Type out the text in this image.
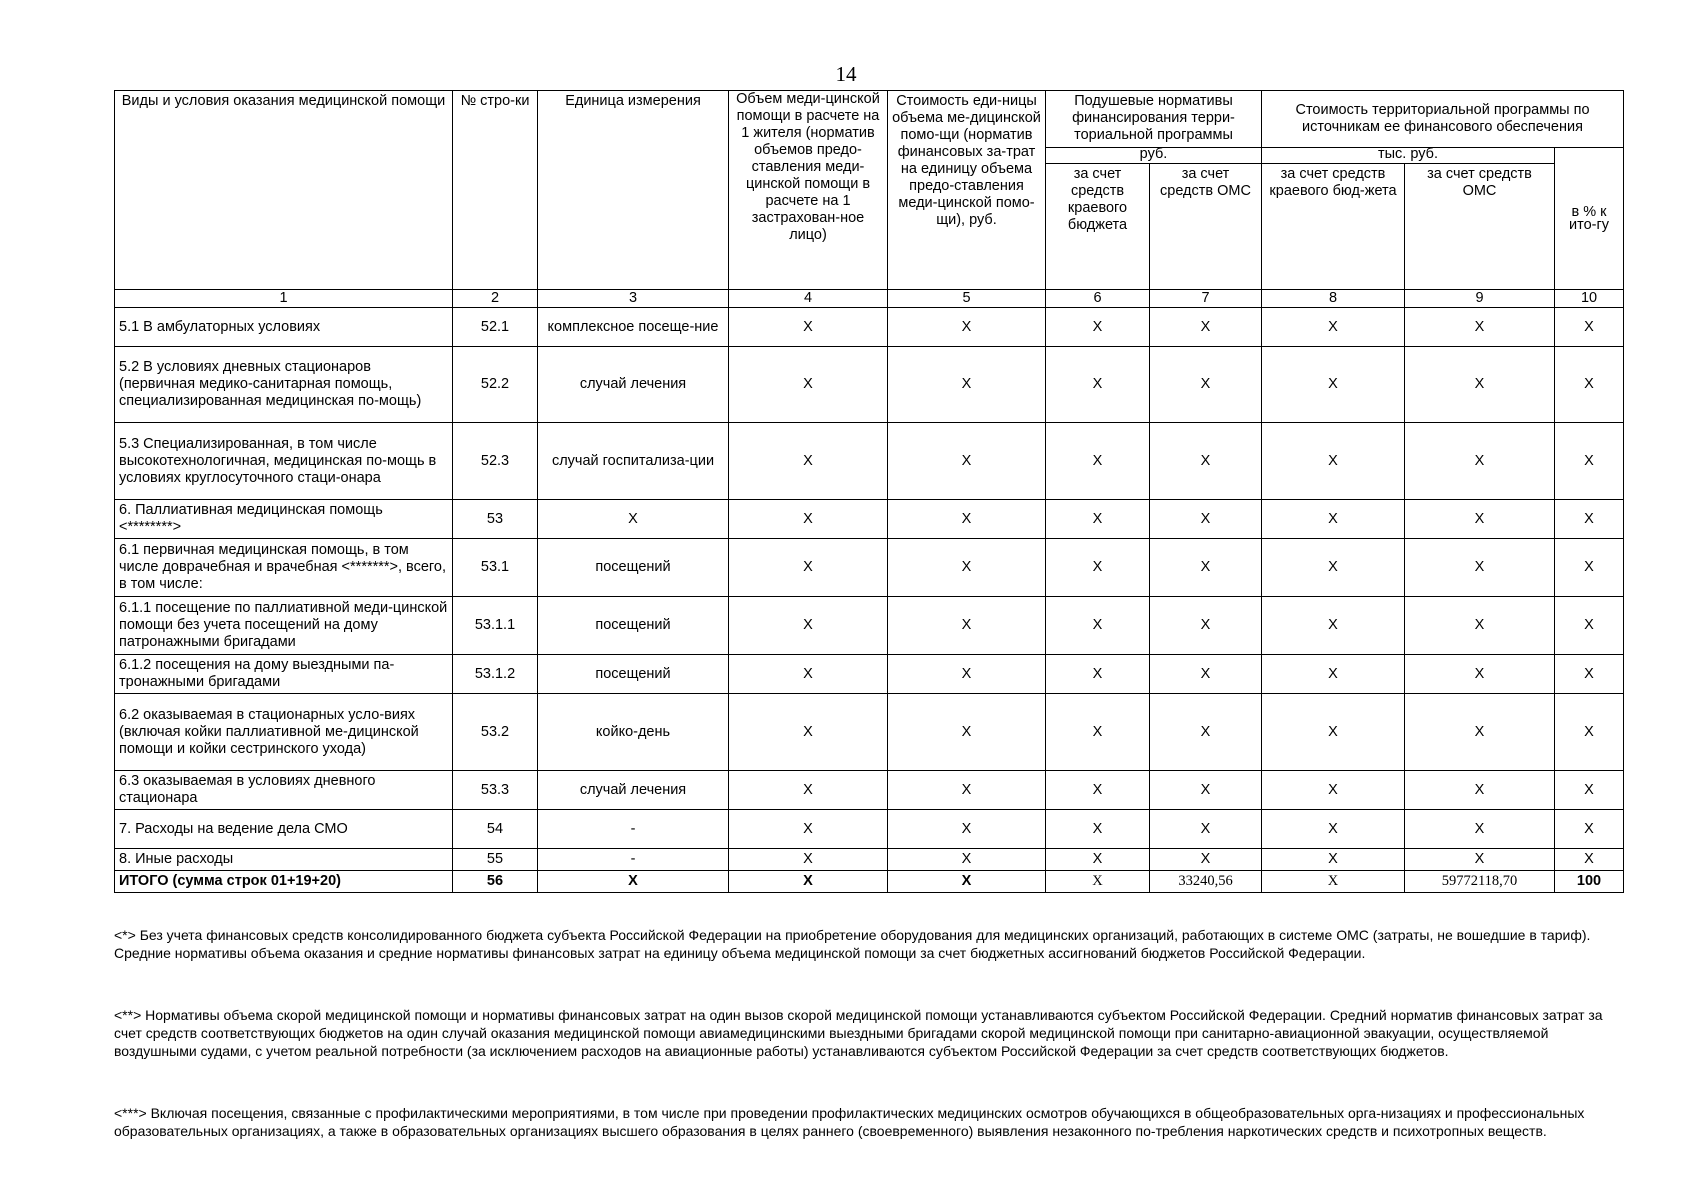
14
Виды и условия оказания медицинской помощи	№ стро-ки	Единица измерения	Объем меди-цинской помощи в расчете на 1 жителя (норматив объемов предо-ставления меди-цинской помощи в расчете на 1 застрахован-ное лицо)	Стоимость еди-ницы объема ме-дицинской помо-щи (норматив финансовых за-трат на единицу объема предо-ставления меди-цинской помо-щи), руб.	Подушевые нормативы финансирования терри-ториальной программы		Стоимость территориальной программы по источникам ее финансового обеспечения		
					руб.		тыс. руб.		в % к ито-гу
					за счет средств краевого бюджета	за счет средств ОМС	за счет средств краевого бюд-жета	за счет средств ОМС	
1	2	3	4	5	6	7	8	9	10
5.1 В амбулаторных условиях	52.1	комплексное посеще-ние	X	X	X	X	X	X	X
5.2 В условиях дневных стационаров (первичная медико-санитарная помощь, специализированная медицинская по-мощь)	52.2	случай лечения	X	X	X	X	X	X	X
5.3 Специализированная, в том числе высокотехнологичная, медицинская по-мощь в условиях круглосуточного стаци-онара	52.3	случай госпитализа-ции	X	X	X	X	X	X	X
6. Паллиативная медицинская помощь <********>	53	X	X	X	X	X	X	X	X
6.1 первичная медицинская помощь, в том числе доврачебная и врачебная <*******>, всего, в том числе:	53.1	посещений	X	X	X	X	X	X	X
6.1.1 посещение по паллиативной меди-цинской помощи без учета посещений на дому патронажными бригадами	53.1.1	посещений	X	X	X	X	X	X	X
6.1.2 посещения на дому выездными па-тронажными бригадами	53.1.2	посещений	X	X	X	X	X	X	X
6.2 оказываемая в стационарных усло-виях (включая койки паллиативной ме-дицинской помощи и койки сестринского ухода)	53.2	койко-день	X	X	X	X	X	X	X
6.3 оказываемая в условиях дневного стационара	53.3	случай лечения	X	X	X	X	X	X	X
7. Расходы на ведение дела СМО	54	-	X	X	X	X	X	X	X
8. Иные расходы	55	-	X	X	X	X	X	X	X
ИТОГО (сумма строк 01+19+20)	56	X	X	X	X	33240,56	X	59772118,70	100
<*> Без учета финансовых средств консолидированного бюджета субъекта Российской Федерации на приобретение оборудования для медицинских организаций, работающих в системе ОМС (затраты, не вошедшие в тариф). Средние нормативы объема оказания и средние нормативы финансовых затрат на единицу объема медицинской помощи за счет бюджетных ассигнований бюджетов Российской Федерации.
<**> Нормативы объема скорой медицинской помощи и нормативы финансовых затрат на один вызов скорой медицинской помощи устанавливаются субъектом Российской Федерации. Средний норматив финансовых затрат за счет средств соответствующих бюджетов на один случай оказания медицинской помощи авиамедицинскими выездными бригадами скорой медицинской помощи при санитарно-авиационной эвакуации, осуществляемой воздушными судами, с учетом реальной потребности (за исключением расходов на авиационные работы) устанавливаются субъектом Российской Федерации за счет средств соответствующих бюджетов.
<***> Включая посещения, связанные с профилактическими мероприятиями, в том числе при проведении профилактических медицинских осмотров обучающихся в общеобразовательных орга-низациях и профессиональных образовательных организациях, а также в образовательных организациях высшего образования в целях раннего (своевременного) выявления незаконного по-требления наркотических средств и психотропных веществ.
